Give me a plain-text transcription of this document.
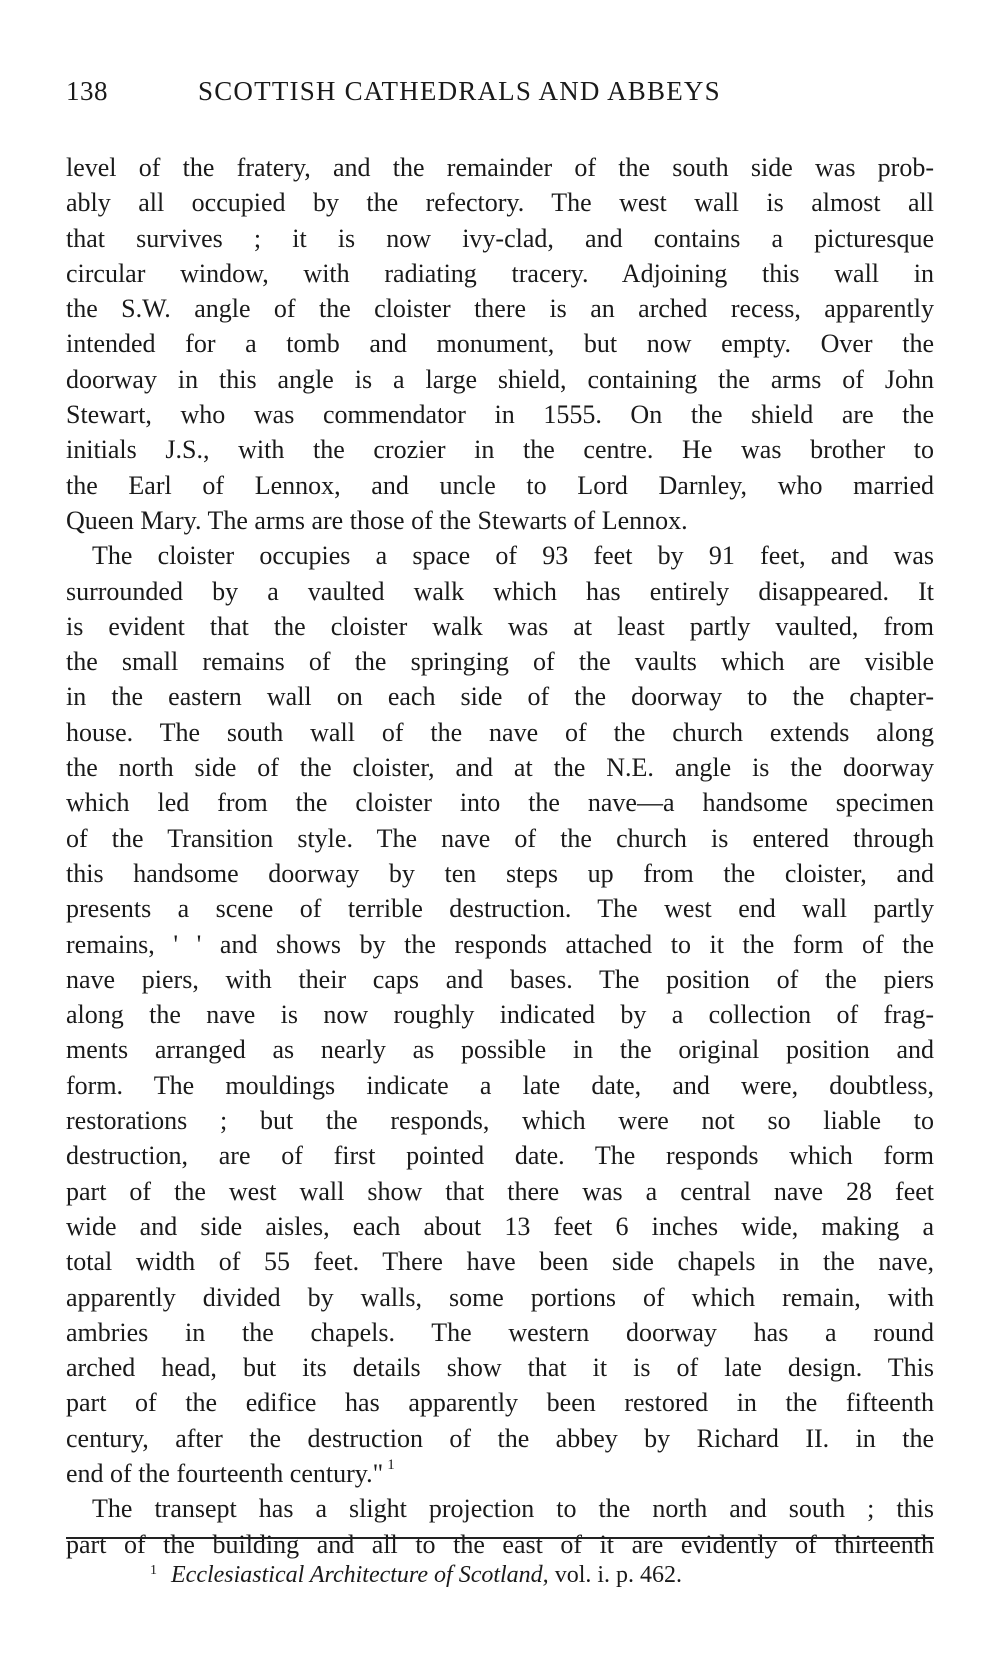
138	SCOTTISH CATHEDRALS AND ABBEYS
level of the fratery, and the remainder of the south side was prob-
ably all occupied by the refectory. The west wall is almost all
that survives ; it is now ivy-clad, and contains a picturesque
circular window, with radiating tracery. Adjoining this wall in
the S.W. angle of the cloister there is an arched recess, apparently
intended for a tomb and monument, but now empty. Over the
doorway in this angle is a large shield, containing the arms of John
Stewart, who was commendator in 1555. On the shield are the
initials J.S., with the crozier in the centre. He was brother to
the Earl of Lennox, and uncle to Lord Darnley, who married
Queen Mary. The arms are those of the Stewarts of Lennox.
The cloister occupies a space of 93 feet by 91 feet, and was
surrounded by a vaulted walk which has entirely disappeared. It
is evident that the cloister walk was at least partly vaulted, from
the small remains of the springing of the vaults which are visible
in the eastern wall on each side of the doorway to the chapter-
house. The south wall of the nave of the church extends along
the north side of the cloister, and at the N.E. angle is the doorway
which led from the cloister into the nave—a handsome specimen
of the Transition style. The nave of the church is entered through
this handsome doorway by ten steps up from the cloister, and
presents a scene of terrible destruction. The west end wall partly
remains, ' ' and shows by the responds attached to it the form of the
nave piers, with their caps and bases. The position of the piers
along the nave is now roughly indicated by a collection of frag-
ments arranged as nearly as possible in the original position and
form. The mouldings indicate a late date, and were, doubtless,
restorations ; but the responds, which were not so liable to
destruction, are of first pointed date. The responds which form
part of the west wall show that there was a central nave 28 feet
wide and side aisles, each about 13 feet 6 inches wide, making a
total width of 55 feet. There have been side chapels in the nave,
apparently divided by walls, some portions of which remain, with
ambries in the chapels. The western doorway has a round
arched head, but its details show that it is of late design. This
part of the edifice has apparently been restored in the fifteenth
century, after the destruction of the abbey by Richard II. in the
end of the fourteenth century." $^1$
The transept has a slight projection to the north and south ; this
part of the building and all to the east of it are evidently of thirteenth
$^1$ Ecclesiastical Architecture of Scotland, vol. i. p. 462.
